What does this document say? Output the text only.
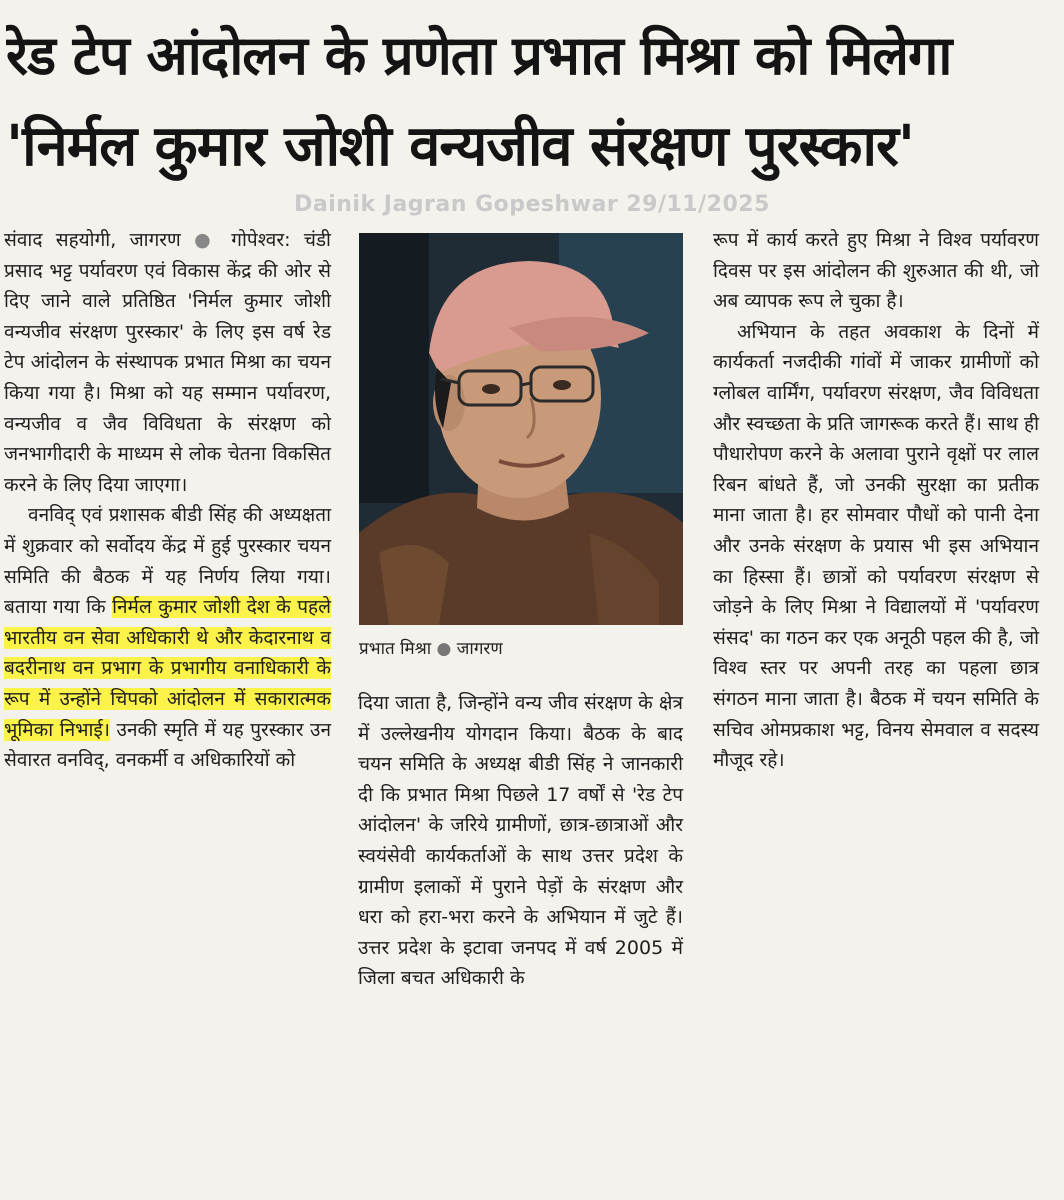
रेड टेप आंदोलन के प्रणेता प्रभात मिश्रा को मिलेगा
'निर्मल कुमार जोशी वन्यजीव संरक्षण पुरस्कार'
Dainik Jagran Gopeshwar 29/11/2025

संवाद सहयोगी, जागरण ● गोपेश्वर: चंडी प्रसाद भट्ट पर्यावरण एवं विकास केंद्र की ओर से दिए जाने वाले प्रतिष्ठित 'निर्मल कुमार जोशी वन्यजीव संरक्षण पुरस्कार' के लिए इस वर्ष रेड टेप आंदोलन के संस्थापक प्रभात मिश्रा का चयन किया गया है। मिश्रा को यह सम्मान पर्यावरण, वन्यजीव व जैव विविधता के संरक्षण को जनभागीदारी के माध्यम से लोक चेतना विकसित करने के लिए दिया जाएगा।

वनविद् एवं प्रशासक बीडी सिंह की अध्यक्षता में शुक्रवार को सर्वोदय केंद्र में हुई पुरस्कार चयन समिति की बैठक में यह निर्णय लिया गया। बताया गया कि निर्मल कुमार जोशी देश के पहले भारतीय वन सेवा अधिकारी थे और केदारनाथ व बदरीनाथ वन प्रभाग के प्रभागीय वनाधिकारी के रूप में उन्होंने चिपको आंदोलन में सकारात्मक भूमिका निभाई। उनकी स्मृति में यह पुरस्कार उन सेवारत वनविद्, वनकर्मी व अधिकारियों को

प्रभात मिश्रा ● जागरण

दिया जाता है, जिन्होंने वन्य जीव संरक्षण के क्षेत्र में उल्लेखनीय योगदान किया। बैठक के बाद चयन समिति के अध्यक्ष बीडी सिंह ने जानकारी दी कि प्रभात मिश्रा पिछले 17 वर्षों से 'रेड टेप आंदोलन' के जरिये ग्रामीणों, छात्र-छात्राओं और स्वयंसेवी कार्यकर्ताओं के साथ उत्तर प्रदेश के ग्रामीण इलाकों में पुराने पेड़ों के संरक्षण और धरा को हरा-भरा करने के अभियान में जुटे हैं। उत्तर प्रदेश के इटावा जनपद में वर्ष 2005 में जिला बचत अधिकारी के

रूप में कार्य करते हुए मिश्रा ने विश्व पर्यावरण दिवस पर इस आंदोलन की शुरुआत की थी, जो अब व्यापक रूप ले चुका है।

अभियान के तहत अवकाश के दिनों में कार्यकर्ता नजदीकी गांवों में जाकर ग्रामीणों को ग्लोबल वार्मिंग, पर्यावरण संरक्षण, जैव विविधता और स्वच्छता के प्रति जागरूक करते हैं। साथ ही पौधारोपण करने के अलावा पुराने वृक्षों पर लाल रिबन बांधते हैं, जो उनकी सुरक्षा का प्रतीक माना जाता है। हर सोमवार पौधों को पानी देना और उनके संरक्षण के प्रयास भी इस अभियान का हिस्सा हैं। छात्रों को पर्यावरण संरक्षण से जोड़ने के लिए मिश्रा ने विद्यालयों में 'पर्यावरण संसद' का गठन कर एक अनूठी पहल की है, जो विश्व स्तर पर अपनी तरह का पहला छात्र संगठन माना जाता है। बैठक में चयन समिति के सचिव ओमप्रकाश भट्ट, विनय सेमवाल व सदस्य मौजूद रहे।
